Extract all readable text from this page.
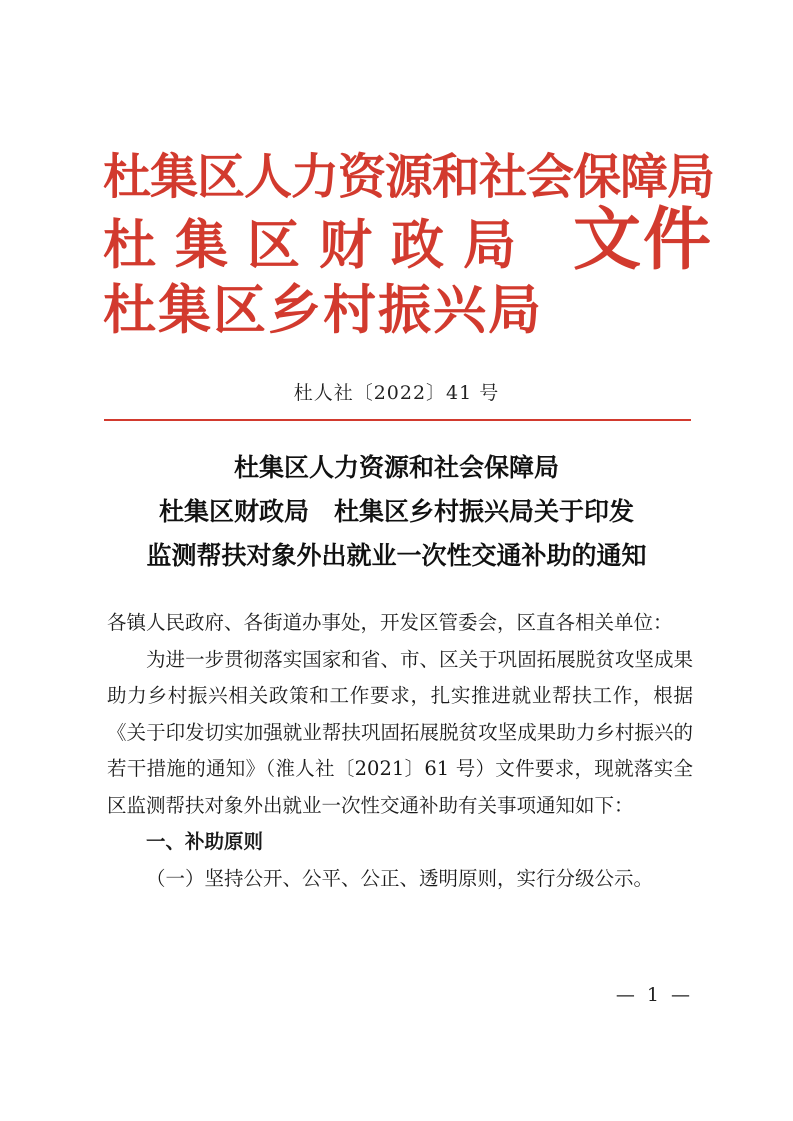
杜集区人力资源和社会保障局
杜集区财政局
杜集区乡村振兴局
文件
杜人社〔2022〕41 号
杜集区人力资源和社会保障局
杜集区财政局　杜集区乡村振兴局关于印发
监测帮扶对象外出就业一次性交通补助的通知

各镇人民政府、各街道办事处，开发区管委会，区直各相关单位：

为进一步贯彻落实国家和省、市、区关于巩固拓展脱贫攻坚成果助力乡村振兴相关政策和工作要求，扎实推进就业帮扶工作，根据《关于印发切实加强就业帮扶巩固拓展脱贫攻坚成果助力乡村振兴的若干措施的通知》（淮人社〔2021〕61 号）文件要求，现就落实全区监测帮扶对象外出就业一次性交通补助有关事项通知如下：

一、补助原则

（一）坚持公开、公平、公正、透明原则，实行分级公示。

— 1 —
